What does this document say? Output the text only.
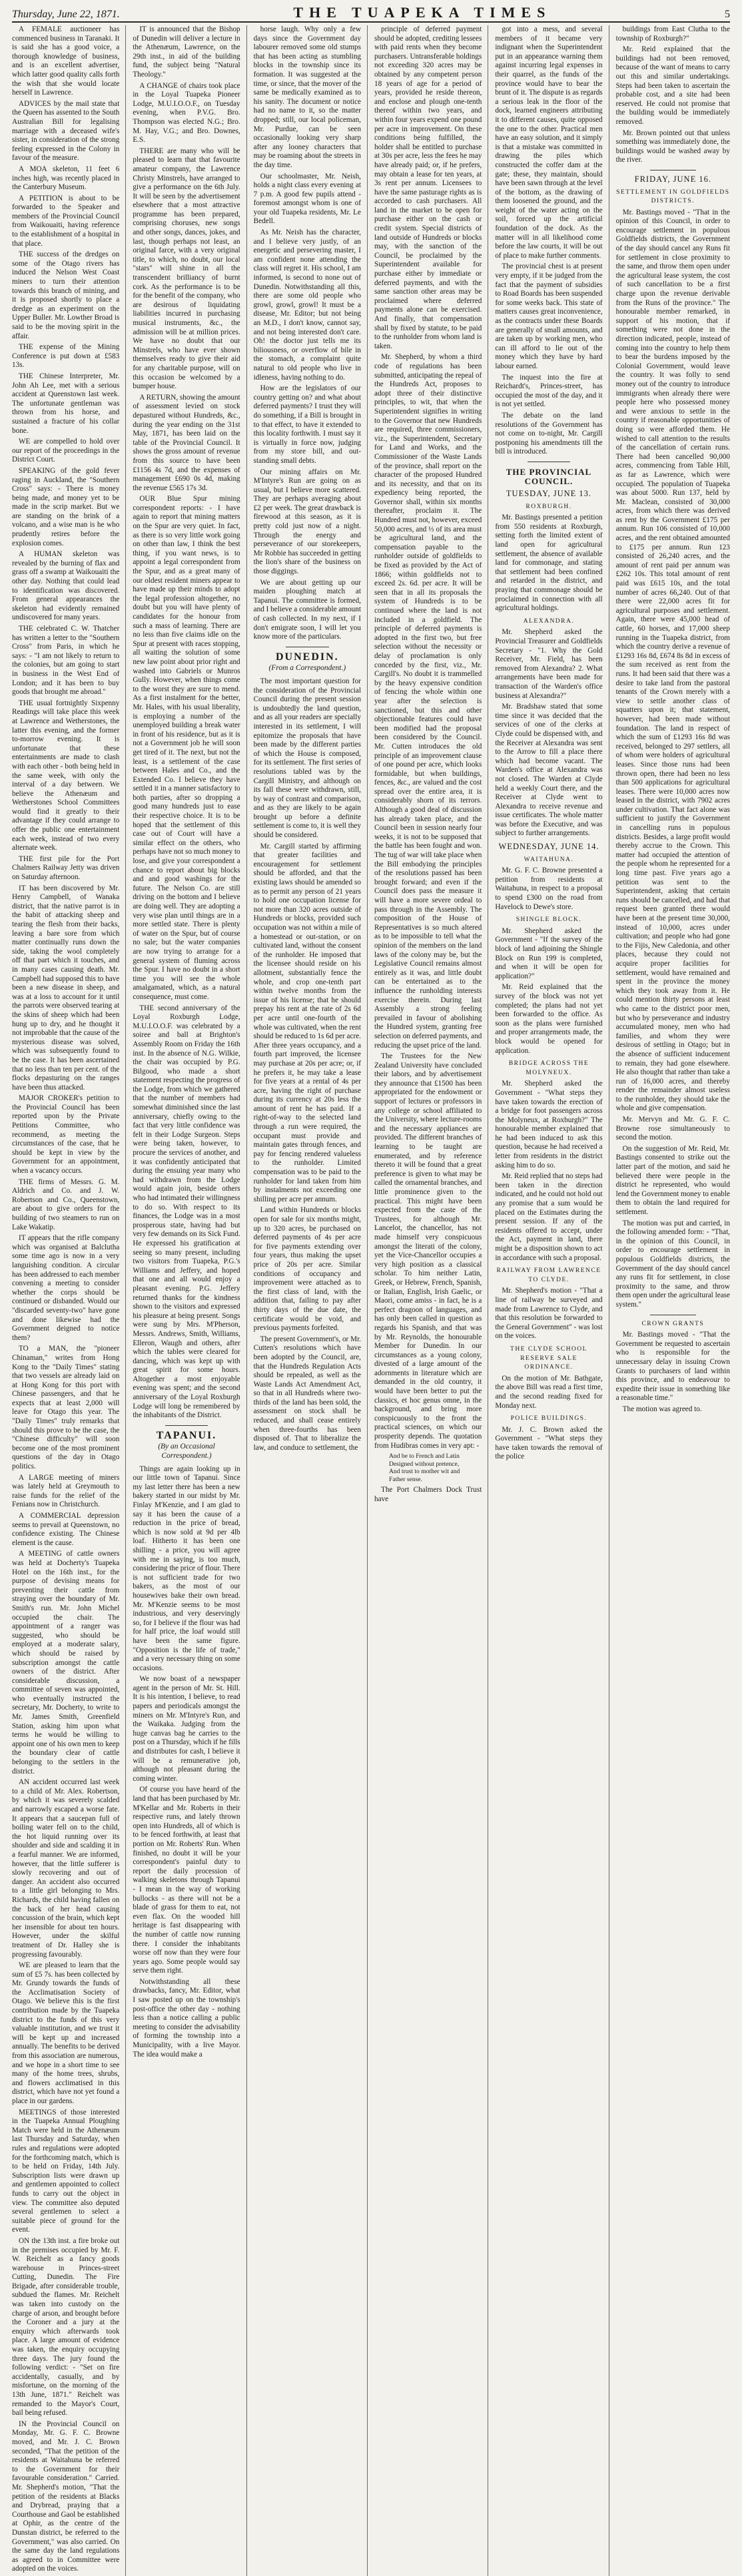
Thursday, June 22, 1871.	THE TUAPEKA TIMES	5

A FEMALE auctioneer has commenced business in Taranaki. It is said she has a good voice, a thorough knowledge of business, and is an excellent advertiser, which latter good quality calls forth the wish that she would locate herself in Lawrence.

ADVICES by the mail state that the Queen has assented to the South Australian Bill for legalising marriage with a deceased wife's sister, in consideration of the strong feeling expressed in the Colony in favour of the measure.

A MOA skeleton, 11 feet 6 inches high, was recently placed in the Canterbury Museum.

A PETITION is about to be forwarded to the Speaker and members of the Provincial Council from Waikouaiti, having reference to the establishment of a hospital in that place.

THE success of the dredges on some of the Otago rivers has induced the Nelson West Coast miners to turn their attention towards this branch of mining, and it is proposed shortly to place a dredge as an experiment on the Upper Buller. Mr. Lowther Broad is said to be the moving spirit in the affair.

THE expense of the Mining Conference is put down at £583 13s.

THE Chinese Interpreter, Mr. John Ah Lee, met with a serious accident at Queenstown last week. The unfortunate gentleman was thrown from his horse, and sustained a fracture of his collar bone.

WE are compelled to hold over our report of the proceedings in the District Court.

SPEAKING of the gold fever raging in Auckland, the "Southern Cross" says: - There is money being made, and money yet to be made in the scrip market. But we are standing on the brink of a volcano, and a wise man is he who prudently retires before the explosion comes.

A HUMAN skeleton was revealed by the burning of flax and grass off a swamp at Waikouaiti the other day. Nothing that could lead to identification was discovered. From general appearances the skeleton had evidently remained undiscovered for many years.

THE celebrated C. W. Thatcher has written a letter to the "Southern Cross" from Paris, in which he says: - "I am not likely to return to the colonies, but am going to start in business in the West End of London; and it has been to buy goods that brought me abroad."

THE usual fortnightly Sixpenny Readings will take place this week at Lawrence and Wetherstones, the latter this evening, and the former to-morrow evening. It is unfortunate that these entertainments are made to clash with each other - both being held in the same week, with only the interval of a day between. We believe the Athenæum and Wetherstones School Committees would find it greatly to their advantage if they could arrange to offer the public one entertainment each week, instead of two every alternate week.

THE first pile for the Port Chalmers Railway Jetty was driven on Saturday afternoon.

IT has been discovered by Mr. Henry Campbell, of Wanaka district, that the native parrot is in the habit of attacking sheep and tearing the flesh from their backs, leaving a bare sore from which matter continually runs down the side, taking the wool completely off that part which it touches, and in many cases causing death. Mr. Campbell had supposed this to have been a new disease in sheep, and was at a loss to account for it until the parrots were observed tearing at the skins of sheep which had been hung up to dry, and he thought it not improbable that the cause of the mysterious disease was solved, which was subsequently found to be the case. It has been ascertained that no less than ten per cent. of the flocks depasturing on the ranges have been thus attacked.

MAJOR CROKER's petition to the Provincial Council has been reported upon by the Private Petitions Committee, who recommend, as meeting the circumstances of the case, that he should be kept in view by the Government for an appointment, when a vacancy occurs.

THE firms of Messrs. G. M. Aldrich and Co. and J. W. Robertson and Co., Queenstown, are about to give orders for the building of two steamers to run on Lake Wakatip.

IT appears that the rifle company which was organised at Balclutha some time ago is now in a very languishing condition. A circular has been addressed to each member convening a meeting to consider whether the corps should be continued or disbanded. Would our "discarded seventy-two" have gone and done likewise had the Government deigned to notice them?

TO a MAN, the "pioneer Chinaman," writes from Hong Kong to the "Daily Times" stating that two vessels are already laid on at Hong Kong for this port with Chinese passengers, and that he expects that at least 2,000 will leave for Otago this year. The "Daily Times" truly remarks that should this prove to be the case, the "Chinese difficulty" will soon become one of the most prominent questions of the day in Otago politics.

A LARGE meeting of miners was lately held at Greymouth to raise funds for the relief of the Fenians now in Christchurch.

A COMMERCIAL depression seems to prevail at Queenstown, no confidence existing. The Chinese element is the cause.

A MEETING of cattle owners was held at Docherty's Tuapeka Hotel on the 16th inst., for the purpose of devising means for preventing their cattle from straying over the boundary of Mr. Smith's run. Mr. John Michel occupied the chair. The appointment of a ranger was suggested, who should be employed at a moderate salary, which should be raised by subscription amongst the cattle owners of the district. After considerable discussion, a committee of seven was appointed, who eventually instructed the secretary, Mr. Docherty, to write to Mr. James Smith, Greenfield Station, asking him upon what terms he would be willing to appoint one of his own men to keep the boundary clear of cattle belonging to the settlers in the district.

AN accident occurred last week to a child of Mr. Alex. Robertson, by which it was severely scalded and narrowly escaped a worse fate. It appears that a saucepan full of boiling water fell on to the child, the hot liquid running over its shoulder and side and scalding it in a fearful manner. We are informed, however, that the little sufferer is slowly recovering and out of danger. An accident also occurred to a little girl belonging to Mrs. Richards, the child having fallen on the back of her head causing concussion of the brain, which kept her insensible for about ten hours. However, under the skilful treatment of Dr. Halley she is progressing favourably.

WE are pleased to learn that the sum of £5 7s. has been collected by Mr. Grundy towards the funds of the Acclimatisation Society of Otago. We believe this is the first contribution made by the Tuapeka district to the funds of this very valuable institution, and we trust it will be kept up and increased annually. The benefits to be derived from this association are numerous, and we hope in a short time to see many of the home trees, shrubs, and flowers acclimatised in this district, which have not yet found a place in our gardens.

MEETINGS of those interested in the Tuapeka Annual Ploughing Match were held in the Athenæum last Thursday and Saturday, when rules and regulations were adopted for the forthcoming match, which is to be held on Friday, 14th July. Subscription lists were drawn up and gentlemen appointed to collect funds to carry out the object in view. The committee also deputed several gentlemen to select a suitable piece of ground for the event.

ON the 13th inst. a fire broke out in the premises occupied by Mr. F. W. Reichelt as a fancy goods warehouse in Princes-street Cutting, Dunedin. The Fire Brigade, after considerable trouble, subdued the flames. Mr. Reichelt was taken into custody on the charge of arson, and brought before the Coroner and a jury at the enquiry which afterwards took place. A large amount of evidence was taken, the enquiry occupying three days. The jury found the following verdict: - "Set on fire accidentally, casually, and by misfortune, on the morning of the 13th June, 1871." Reichelt was remanded to the Mayor's Court, bail being refused.

IN the Provincial Council on Monday, Mr. G. F. C. Browne moved, and Mr. J. C. Brown seconded, "That the petition of the residents at Waitahuna be referred to the Government for their favourable consideration." Carried. Mr. Shepherd's motion, "That the petition of the residents at Blacks and Drybread, praying that a Courthouse and Gaol be established at Ophir, as the centre of the Dunstan district, be referred to the Government," was also carried. On the same day the land regulations as agreed to in Committee were adopted on the voices.

IT is announced that the Bishop of Dunedin will deliver a lecture in the Athenæum, Lawrence, on the 29th inst., in aid of the building fund, the subject being "Natural Theology."

A CHANGE of chairs took place in the Loyal Tuapeka Pioneer Lodge, M.U.I.O.O.F., on Tuesday evening, when P.V.G. Bro. Thompson was elected N.G.; Bro. M. Hay, V.G.; and Bro. Downes, E.S.

THERE are many who will be pleased to learn that that favourite amateur company, the Lawrence Christy Minstrels, have arranged to give a performance on the 6th July. It will be seen by the advertisement elsewhere that a most attractive programme has been prepared, comprising choruses, new songs and other songs, dances, jokes, and last, though perhaps not least, an original farce, with a very original title, to which, no doubt, our local "stars" will shine in all the transcendent brilliancy of burnt cork. As the performance is to be for the benefit of the company, who are desirous of liquidating liabilities incurred in purchasing musical instruments, &c., the admission will be at million prices. We have no doubt that our Minstrels, who have ever shown themselves ready to give their aid for any charitable purpose, will on this occasion be welcomed by a bumper house.

A RETURN, showing the amount of assessment levied on stock depastured without Hundreds, &c., during the year ending on the 31st May, 1871, has been laid on the table of the Provincial Council. It shows the gross amount of revenue from this source to have been £1156 4s 7d, and the expenses of management £690 0s 4d, making the revenue £565 17s 3d.

OUR Blue Spur mining correspondent reports: - I have again to report that mining matters on the Spur are very quiet. In fact, as there is so very little work going on other than law, I think the best thing, if you want news, is to appoint a legal correspondent from the Spur, and as a great many of our oldest resident miners appear to have made up their minds to adopt the legal profession altogether, no doubt but you will have plenty of candidates for the honour from such a mass of learning. There are no less than five claims idle on the Spur at present with races stopping, all waiting the solution of some new law point about prior right and washed into Gabriels or Munros Gully. However, when things come to the worst they are sure to mend. As a first instalment for the better, Mr. Hales, with his usual liberality, is employing a number of the unemployed building a break water in front of his residence, but as it is not a Government job he will soon get tired of it. The next, but not the least, is a settlement of the case between Hales and Co., and the Extended Co. I believe they have settled it in a manner satisfactory to both parties, after so dropping a good many hundreds just to ease their respective choice. It is to be hoped that the settlement of this case out of Court will have a similar effect on the others, who perhaps have not so much money to lose, and give your correspondent a chance to report about big blocks and and good washings for the future. The Nelson Co. are still driving on the bottom and I believe are doing well. They are adopting a very wise plan until things are in a more settled state. There is plenty of water on the Spur, but of course no sale; but the water companies are now trying to arrange for a general system of fluming across the Spur. I have no doubt in a short time you will see the whole amalgamated, which, as a natural consequence, must come.

THE second anniversary of the Loyal Roxburgh Lodge, M.U.I.O.O.F. was celebrated by a soiree and ball at Brighton's Assembly Room on Friday the 16th inst. In the absence of N.G. Wilkie, the chair was occupied by P.G. Bilgood, who made a short statement respecting the progress of the Lodge, from which we gathered that the number of members had somewhat diminished since the last anniversary, chiefly owing to the fact that very little confidence was felt in their Lodge Surgeon. Steps were being taken, however, to procure the services of another, and it was confidently anticipated that during the ensuing year many who had withdrawn from the Lodge would again join, beside others who had intimated their willingness to do so. With respect to its finances, the Lodge was in a most prosperous state, having had but very few demands on its Sick Fund. He expressed his gratification at seeing so many present, including two visitors from Tuapeka, P.G.'s Williams and Jeffery, and hoped that one and all would enjoy a pleasant evening. P.G. Jeffery returned thanks for the kindness shown to the visitors and expressed his pleasure at being present. Songs were sung by Mrs. M'Pherson, Messrs. Andrews, Smith, Williams, Elleron, Waugh and others, after which the tables were cleared for dancing, which was kept up with great spirit for some hours. Altogether a most enjoyable evening was spent; and the second anniversary of the Loyal Roxburgh Lodge will long be remembered by the inhabitants of the District.

TAPANUI.
(By an Occasional Correspondent.)

Things are again looking up in our little town of Tapanui. Since my last letter there has been a new bakery started in our midst by Mr. Finlay M'Kenzie, and I am glad to say it has been the cause of a reduction in the price of bread, which is now sold at 9d per 4lb loaf. Hitherto it has been one shilling - a price, you will agree with me in saying, is too much, considering the price of flour. There is not sufficient trade for two bakers, as the most of our housewives bake their own bread. Mr. M'Kenzie seems to be most industrious, and very deservingly so, for I believe if the flour was had for half price, the loaf would still have been the same figure. "Opposition is the life of trade," and a very necessary thing on some occasions.

We now boast of a newspaper agent in the person of Mr. St. Hill. It is his intention, I believe, to read papers and periodicals amongst the miners on Mr. M'Intyre's Run, and the Waikaka. Judging from the huge canvas bag he carries to the post on a Thursday, which if he fills and distributes for cash, I believe it will be a remunerative job, although not pleasant during the coming winter.

Of course you have heard of the land that has been purchased by Mr. M'Kellar and Mr. Roberts in their respective runs, and lately thrown open into Hundreds, all of which is to be fenced forthwith, at least that portion on Mr. Roberts' Run. When finished, no doubt it will be your correspondent's painful duty to report the daily procession of walking skeletons through Tapanui - I mean in the way of working bullocks - as there will not be a blade of grass for them to eat, not even flax. On the wooded hill heritage is fast disappearing with the number of cattle now running there. I consider the inhabitants worse off now than they were four years ago. Some people would say serve them right.

Notwithstanding all these drawbacks, fancy, Mr. Editor, what I saw posted up on the township's post-office the other day - nothing less than a notice calling a public meeting to consider the advisability of forming the township into a Municipality, with a live Mayor. The idea would make a

horse laugh. Why only a few days since the Government day labourer removed some old stumps that has been acting as stumbling blocks in the township since its formation. It was suggested at the time, or since, that the mover of the same be medically examined as to his sanity. The document or notice had no name to it, so the matter dropped; still, our local policeman, Mr. Purdue, can be seen occasionally looking very sharp after any looney characters that may be roaming about the streets in the day time.

Our schoolmaster, Mr. Neish, holds a night class every evening at 7 p.m. A good few pupils attend - foremost amongst whom is one of your old Tuapeka residents, Mr. Le Bedell.

As Mr. Neish has the character, and I believe very justly, of an energetic and persevering master, I am confident none attending the class will regret it. His school, I am informed, is second to none out of Dunedin. Notwithstanding all this, there are some old people who growl, growl, growl! It must be a disease, Mr. Editor; but not being an M.D., I don't know, cannot say, and not being interested don't care. Oh! the doctor just tells me its biliousness, or overflow of bile in the stomach, a complaint quite natural to old people who live in idleness, having nothing to do.

How are the legislators of our country getting on? and what about deferred payments? I trust they will do something, if a Bill is brought in to that effect, to have it extended to this locality forthwith. I must say it is virtually in force now, judging from my store bill, and out-standing small debts.

Our mining affairs on Mr. M'Intyre's Run are going on as usual, but I believe more scattered. They are perhaps averaging about £2 per week. The great drawback is firewood at this season, as it is pretty cold just now of a night. Through the energy and perseverance of our storekeepers, Mr Robbie has succeeded in getting the lion's share of the business on those diggings.

We are about getting up our maiden ploughing match at Tapanui. The committee is formed, and I believe a considerable amount of cash collected. In my next, if I don't emigrate soon, I will let you know more of the particulars.

DUNEDIN.
(From a Correspondent.)

The most important question for the consideration of the Provincial Council during the present session is undoubtedly the land question, and as all your readers are specially interested in its settlement, I will epitomize the proposals that have been made by the different parties of which the House is composed, for its settlement. The first series of resolutions tabled was by the Cargill Ministry, and although on its fall these were withdrawn, still, by way of contrast and comparison, and as they are likely to be again brought up before a definite settlement is come to, it is well they should be considered.

Mr. Cargill started by affirming that greater facilities and encouragement for settlement should be afforded, and that the existing laws should be amended so as to permit any person of 21 years to hold one occupation license for not more than 320 acres outside of Hundreds or blocks, provided such occupation was not within a mile of a homestead or out-station, or on cultivated land, without the consent of the runholder. He imposed that the licensee should reside on his allotment, substantially fence the whole, and crop one-tenth part within twelve months from the issue of his license; that he should prepay his rent at the rate of 2s 6d per acre until one-fourth of the whole was cultivated, when the rent should be reduced to 1s 6d per acre. After three years occupancy, and a fourth part improved, the licensee may purchase at 20s per acre; or, if he prefers it, he may take a lease for five years at a rental of 4s per acre, having the right of purchase during its currency at 20s less the amount of rent he has paid. If a right-of-way to the selected land through a run were required, the occupant must provide and maintain gates through fences, and pay for fencing rendered valueless to the runholder. Limited compensation was to be paid to the runholder for land taken from him by instalments not exceeding one shilling per acre per annum.

Land within Hundreds or blocks open for sale for six months might, up to 320 acres, be purchased on deferred payments of 4s per acre for five payments extending over four years, thus making the upset price of 20s per acre. Similar conditions of occupancy and improvement were attached as to the first class of land, with the addition that, failing to pay after thirty days of the due date, the certificate would be void, and previous payments forfeited.

The present Government's, or Mr. Cutten's resolutions which have been adopted by the Council, are, that the Hundreds Regulation Acts should be repealed, as well as the Waste Lands Act Amendment Act, so that in all Hundreds where two-thirds of the land has been sold, the assessment on stock shall be reduced, and shall cease entirely when three-fourths has been disposed of. That to liberalize the law, and conduce to settlement, the

principle of deferred payment should be adopted, crediting lessees with paid rents when they become purchasers. Untransferable holdings not exceeding 320 acres may be obtained by any competent person 18 years of age for a period of years, provided he reside thereon, and enclose and plough one-tenth thereof within two years, and within four years expend one pound per acre in improvement. On these conditions being fulfilled, the holder shall be entitled to purchase at 30s per acre, less the fees he may have already paid; or, if he prefers, may obtain a lease for ten years, at 3s rent per annum. Licensees to have the same pasturage rights as is accorded to cash purchasers. All land in the market to be open for purchase either on the cash or credit system. Special districts of land outside of Hundreds or blocks may, with the sanction of the Council, be proclaimed by the Superintendent available for purchase either by immediate or deferred payments, and with the same sanction other areas may be proclaimed where deferred payments alone can be exercised. And finally, that compensation shall by fixed by statute, to be paid to the runholder from whom land is taken.

Mr. Shepherd, by whom a third code of regulations has been submitted, anticipating the repeal of the Hundreds Act, proposes to adopt three of their distinctive principles, to wit, that when the Superintendent signifies in writing to the Governor that new Hundreds are required, three commissioners, viz., the Superintendent, Secretary for Land and Works, and the Commissioner of the Waste Lands of the province, shall report on the character of the proposed Hundred and its necessity, and that on its expediency being reported, the Governor shall, within six months thereafter, proclaim it. The Hundred must not, however, exceed 50,000 acres, and ⅓ of its area must be agricultural land, and the compensation payable to the runholder outside of goldfields to be fixed as provided by the Act of 1866; within goldfields not to exceed 2s. 6d. per acre. It will be seen that in all its proposals the system of Hundreds is to be continued where the land is not included in a goldfield. The principle of deferred payments is adopted in the first two, but free selection without the necessity or delay of proclamation is only conceded by the first, viz., Mr. Cargill's. No doubt it is trammelled by the heavy expensive condition of fencing the whole within one year after the selection is sanctioned, but this and other objectionable features could have been modified had the proposal been considered by the Council. Mr. Cutten introduces the old principle of an improvement clause of one pound per acre, which looks formidable, but when buildings, fences, &c., are valued and the cost spread over the entire area, it is considerably shorn of its terrors. Although a good deal of discussion has already taken place, and the Council been in session nearly four weeks, it is not to be supposed that the battle has been fought and won. The tug of war will take place when the Bill embodying the principles of the resolutions passed has been brought forward; and even if the Council does pass the measure it will have a more severe ordeal to pass through in the Assembly. The composition of the House of Representatives is so much altered as to be impossible to tell what the opinion of the members on the land laws of the colony may be, but the Legislative Council remains almost entirely as it was, and little doubt can be entertained as to the influence the runholding interests exercise therein. During last Assembly a strong feeling prevailed in favour of abolishing the Hundred system, granting free selection on deferred payments, and reducing the upset price of the land.

The Trustees for the New Zealand University have concluded their labors, and by advertisement they announce that £1500 has been appropriated for the endowment or support of lectures or professors in any college or school affiliated to the University, where lecture-rooms and the necessary appliances are provided. The different branches of learning to be taught are enumerated, and by reference thereto it will be found that a great preference is given to what may be called the ornamental branches, and little prominence given to the practical. This might have been expected from the caste of the Trustees, for although Mr. Lancelot, the chancellor, has not made himself very conspicuous amongst the literati of the colony, yet the Vice-Chancellor occupies a very high position as a classical scholar. To him neither Latin, Greek, or Hebrew, French, Spanish, or Italian, English, Irish Gaelic, or Maori, come amiss - in fact, he is a perfect dragoon of languages, and has only been called in question as regards his Spanish, and that was by Mr. Reynolds, the honourable Member for Dunedin. In our circumstances as a young colony, divested of a large amount of the adornments in literature which are demanded in the old country, it would have been better to put the classics, et hoc genus omne, in the background, and bring more conspicuously to the front the practical sciences, on which our prosperity depends. The quotation from Hudibras comes in very apt: -

And be to French and Latin
Designed without pretence,
And trust to mother wit and
Father sense.

The Port Chalmers Dock Trust have

got into a mess, and several members of it became very indignant when the Superintendent put in an appearance warning them against incurring legal expenses in their quarrel, as the funds of the province would have to bear the brunt of it. The dispute is as regards a serious leak in the floor of the dock, learned engineers attributing it to different causes, quite opposed the one to the other. Practical men have an easy solution, and it simply is that a mistake was committed in drawing the piles which constructed the coffer dam at the gate; these, they maintain, should have been sawn through at the level of the bottom, as the drawing of them loosened the ground, and the weight of the water acting on the soil, forced up the artificial foundation of the dock. As the matter will in all likelihood come before the law courts, it will be out of place to make further comments.

The provincial chest is at present very empty, if it be judged from the fact that the payment of subsidies to Road Boards has been suspended for some weeks back. This state of matters causes great inconvenience, as the contracts under these Boards are generally of small amounts, and are taken up by working men, who can ill afford to lie out of the money which they have by hard labour earned.

The inquest into the fire at Reichardt's, Princes-street, has occupied the most of the day, and it is not yet settled.

The debate on the land resolutions of the Government has not come on to-night, Mr. Cargill postponing his amendments till the bill is introduced.

THE PROVINCIAL COUNCIL.
TUESDAY, JUNE 13.
ROXBURGH.

Mr. Bastings presented a petition from 550 residents at Roxburgh, setting forth the limited extent of land open for agricultural settlement, the absence of available land for commonage, and stating that settlement had been confined and retarded in the district, and praying that commonage should be proclaimed in connection with all agricultural holdings.

ALEXANDRA.

Mr. Shepherd asked the Provincial Treasurer and Goldfields Secretary - "1. Why the Gold Receiver, Mr. Field, has been removed from Alexandra? 2. What arrangements have been made for transaction of the Warden's office business at Alexandra?"

Mr. Bradshaw stated that some time since it was decided that the services of one of the clerks at Clyde could be dispensed with, and the Receiver at Alexandra was sent to the Arrow to fill a place there which had become vacant. The Warden's office at Alexandra was not closed. The Warden at Clyde held a weekly Court there, and the Receiver at Clyde went to Alexandra to receive revenue and issue certificates. The whole matter was before the Executive, and was subject to further arrangements.

WEDNESDAY, JUNE 14.
WAITAHUNA.

Mr. G. F. C. Browne presented a petition from residents at Waitahuna, in respect to a proposal to spend £300 on the road from Havelock to Dewe's store.

SHINGLE BLOCK.

Mr. Shepherd asked the Government - "If the survey of the block of land adjoining the Shingle Block on Run 199 is completed, and when it will be open for application?"

Mr. Reid explained that the survey of the block was not yet completed; the plans had not yet been forwarded to the office. As soon as the plans were furnished and proper arrangements made, the block would be opened for application.

BRIDGE ACROSS THE MOLYNEUX.

Mr. Shepherd asked the Government - "What steps they have taken towards the erection of a bridge for foot passengers across the Molyneux, at Roxburgh?" The honourable member explained that he had been induced to ask this question, because he had received a letter from residents in the district asking him to do so.

Mr. Reid replied that no steps had been taken in the direction indicated, and he could not hold out any promise that a sum would be placed on the Estimates during the present session. If any of the residents offered to accept, under the Act, payment in land, there might be a disposition shown to act in accordance with such a proposal.

RAILWAY FROM LAWRENCE TO CLYDE.

Mr. Shepherd's motion - "That a line of railway be surveyed and made from Lawrence to Clyde, and that this resolution be forwarded to the General Government" - was lost on the voices.

THE CLYDE SCHOOL RESERVE SALE ORDINANCE.

On the motion of Mr. Bathgate, the above Bill was read a first time, and the second reading fixed for Monday next.

POLICE BUILDINGS.

Mr. J. C. Brown asked the Government - "What steps they have taken towards the removal of the police

buildings from East Clutha to the township of Roxburgh?"

Mr. Reid explained that the buildings had not been removed, because of the want of means to carry out this and similar undertakings. Steps had been taken to ascertain the probable cost, and a site had been reserved. He could not promise that the building would be immediately removed.

Mr. Brown pointed out that unless something was immediately done, the buildings would be washed away by the river.

FRIDAY, JUNE 16.
SETTLEMENT IN GOLDFIELDS DISTRICTS.

Mr. Bastings moved - "That in the opinion of this Council, in order to encourage settlement in populous Goldfields districts, the Government of the day should cancel any Runs fit for settlement in close proximity to the same, and throw them open under the agricultural lease system, the cost of such cancellation to be a first charge upon the revenue derivable from the Runs of the province." The honourable member remarked, in support of his motion, that if something were not done in the direction indicated, people, instead of coming into the country to help them to bear the burdens imposed by the Colonial Government, would leave the country. It was folly to send money out of the country to introduce immigrants when already there were people here who possessed money and were anxious to settle in the country if reasonable opportunities of doing so were afforded them. He wished to call attention to the results of the cancellation of certain runs. There had been cancelled 90,000 acres, commencing from Table Hill, as far as Lawrence, which were occupied. The population of Tuapeka was about 5000. Run 137, held by Mr. Maclean, consisted of 30,000 acres, from which there was derived as rent by the Government £175 per annum. Run 106 consisted of 10,000 acres, and the rent obtained amounted to £175 per annum. Run 123 consisted of 26,240 acres, and the amount of rent paid per annum was £262 10s. This total amount of rent paid was £615 10s, and the total number of acres 66,240. Out of that there were 22,000 acres fit for agricultural purposes and settlement. Again, there were 45,000 head of cattle, 60 horses, and 17,000 sheep running in the Tuapeka district, from which the country derive a revenue of £1293 16s 8d, £674 8s 8d in excess of the sum received as rent from the runs. It had been said that there was a desire to take land from the pastoral tenants of the Crown merely with a view to settle another class of squatters upon it; that statement, however, had been made without foundation. The land in respect of which the sum of £1293 16s 8d was received, belonged to 297 settlers, all of whom were holders of agricultural leases. Since those runs had been thrown open, there had been no less than 500 applications for agricultural leases. There were 10,000 acres now leased in the district, with 7902 acres under cultivation. That fact alone was sufficient to justify the Government in cancelling runs in populous districts. Besides, a large profit would thereby accrue to the Crown. This matter had occupied the attention of the people whom he represented for a long time past. Five years ago a petition was sent to the Superintendent, asking that certain runs should be cancelled, and had that request been granted there would have been at the present time 30,000, instead of 10,000, acres under cultivation; and people who had gone to the Fijis, New Caledonia, and other places, because they could not acquire proper facilities for settlement, would have remained and spent in the province the money which they took away from it. He could mention thirty persons at least who came to the district poor men, but who by perseverance and industry accumulated money, men who had families, and whom they were desirous of settling in Otago; but in the absence of sufficient inducement to remain, they had gone elsewhere. He also thought that rather than take a run of 16,000 acres, and thereby render the remainder almost useless to the runholder, they should take the whole and give compensation.

Mr. Mervyn and Mr. G. F. C. Browne rose simultaneously to second the motion.

On the suggestion of Mr. Reid, Mr. Bastings consented to strike out the latter part of the motion, and said he believed there were people in the district he represented, who would lend the Government money to enable them to obtain the land required for settlement.

The motion was put and carried, in the following amended form: - "That, in the opinion of this Council, in order to encourage settlement in populous Goldfields districts, the Government of the day should cancel any runs fit for settlement, in close proximity to the same, and throw them open under the agricultural lease system."

CROWN GRANTS

Mr. Bastings moved - "That the Government be requested to ascertain who is responsible for the unnecessary delay in issuing Crown Grants to purchasers of land within this province, and to endeavour to expedite their issue in something like a reasonable time."

The motion was agreed to.
